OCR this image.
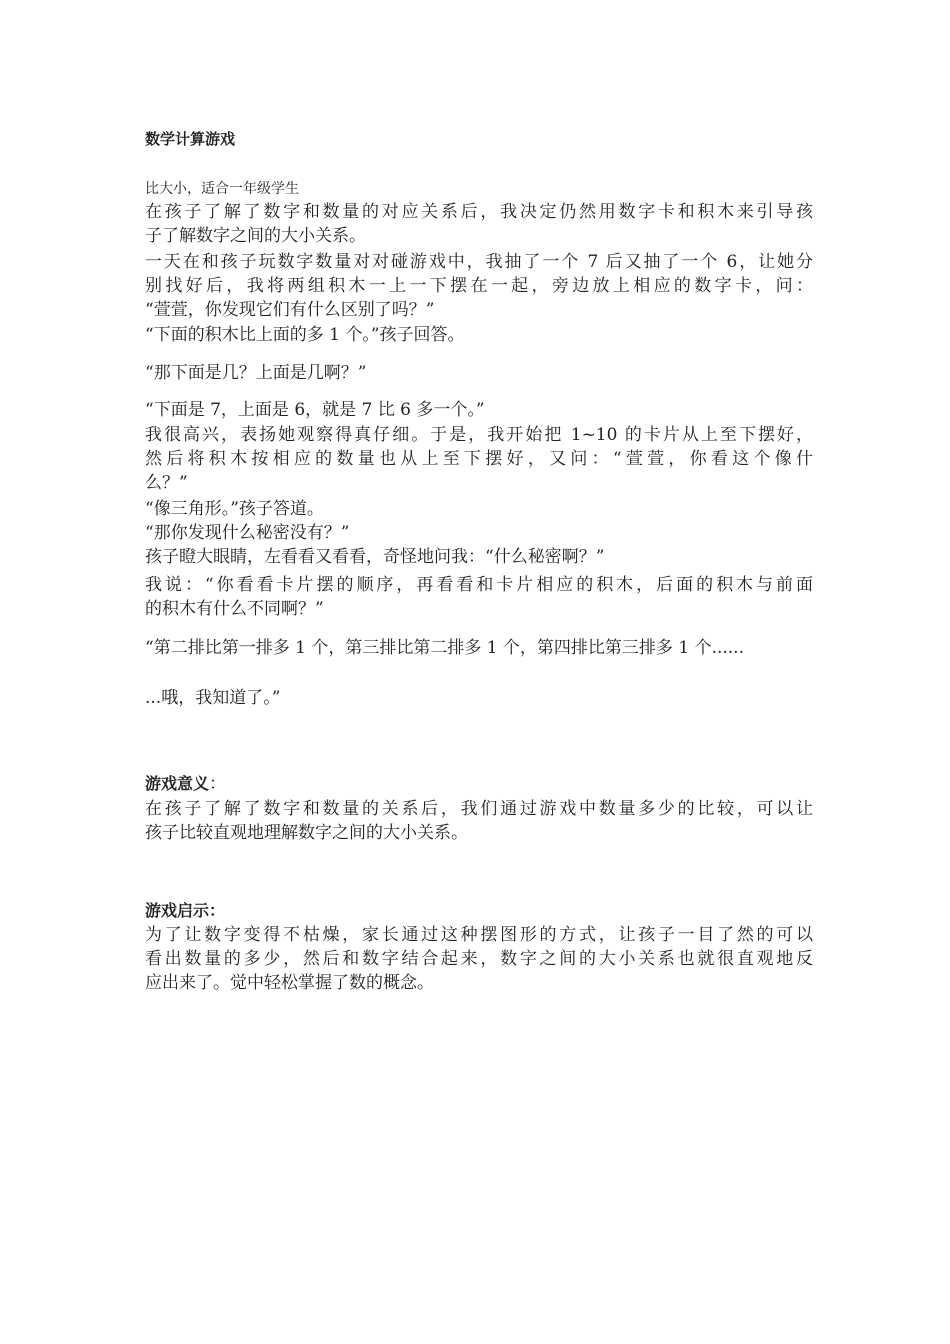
数学计算游戏
比大小，适合一年级学生
在孩子了解了数字和数量的对应关系后，我决定仍然用数字卡和积木来引导孩
子了解数字之间的大小关系。
一天在和孩子玩数字数量对对碰游戏中，我抽了一个 7 后又抽了一个 6，让她分
别找好后，我将两组积木一上一下摆在一起，旁边放上相应的数字卡，问：
“萱萱，你发现它们有什么区别了吗？”
“下面的积木比上面的多 1 个。”孩子回答。
“那下面是几？上面是几啊？”
“下面是 7，上面是 6，就是 7 比 6 多一个。”
我很高兴，表扬她观察得真仔细。于是，我开始把 1~10 的卡片从上至下摆好，
然后将积木按相应的数量也从上至下摆好，又问：“萱萱，你看这个像什
么？”
“像三角形。”孩子答道。
“那你发现什么秘密没有？”
孩子瞪大眼睛，左看看又看看，奇怪地问我：“什么秘密啊？”
我说：“你看看卡片摆的顺序，再看看和卡片相应的积木，后面的积木与前面
的积木有什么不同啊？”
“第二排比第一排多 1 个，第三排比第二排多 1 个，第四排比第三排多 1 个......
...哦，我知道了。”
游戏意义：
在孩子了解了数字和数量的关系后，我们通过游戏中数量多少的比较，可以让
孩子比较直观地理解数字之间的大小关系。
游戏启示：
为了让数字变得不枯燥，家长通过这种摆图形的方式，让孩子一目了然的可以
看出数量的多少，然后和数字结合起来，数字之间的大小关系也就很直观地反
应出来了。觉中轻松掌握了数的概念。
